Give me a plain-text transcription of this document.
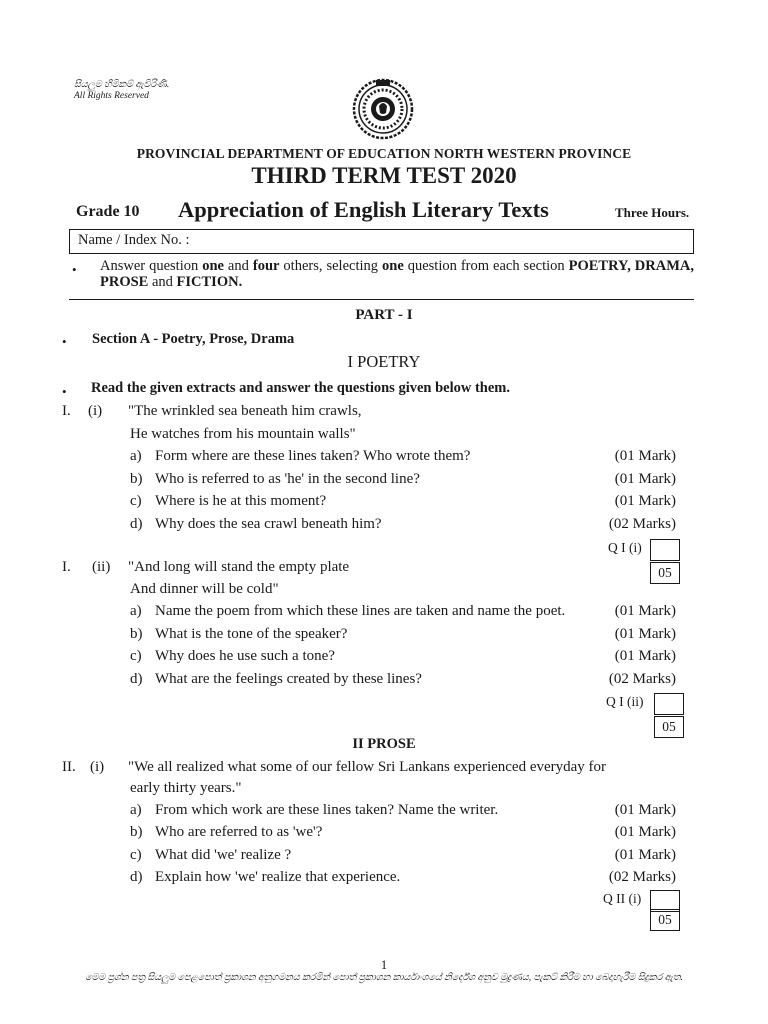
සියලුම හිමිකම් ඇවිරිණි.
All Rights Reserved
PROVINCIAL DEPARTMENT OF EDUCATION NORTH WESTERN PROVINCE
THIRD TERM TEST 2020
Grade 10 Appreciation of English Literary Texts	Three Hours.
Name / Index No. :
• Answer question one and four others, selecting one question from each section POETRY, DRAMA, PROSE and FICTION.
PART - I
• Section A - Poetry, Prose, Drama
I POETRY
• Read the given extracts and answer the questions given below them.
I. (i) "The wrinkled sea beneath him crawls,
He watches from his mountain walls"
a) Form where are these lines taken? Who wrote them?	(01 Mark)
b) Who is referred to as 'he' in the second line?	(01 Mark)
c) Where is he at this moment?	(01 Mark)
d) Why does the sea crawl beneath him?	(02 Marks)
Q I (i)
05
I. (ii) "And long will stand the empty plate
And dinner will be cold"
a) Name the poem from which these lines are taken and name the poet.	(01 Mark)
b) What is the tone of the speaker?	(01 Mark)
c) Why does he use such a tone?	(01 Mark)
d) What are the feelings created by these lines?	(02 Marks)
Q I (ii)
05
II PROSE
II. (i) "We all realized what some of our fellow Sri Lankans experienced everyday for
early thirty years."
a) From which work are these lines taken? Name the writer.	(01 Mark)
b) Who are referred to as 'we'?	(01 Mark)
c) What did 'we' realize ?	(01 Mark)
d) Explain how 'we' realize that experience.	(02 Marks)
Q II (i)
05
1
මෙම ප්‍රශ්න පත්‍ර සියලුම පෙළපොත් ප්‍රකාශන අනුගමනය කරමින් පොත් ප්‍රකාශන කාර්යාංශයේ නිර්දේශ අනුව මුද්‍රණය, පැකට් කිරීම හා බෙදාහැරීම සිදුකර ඇත.
